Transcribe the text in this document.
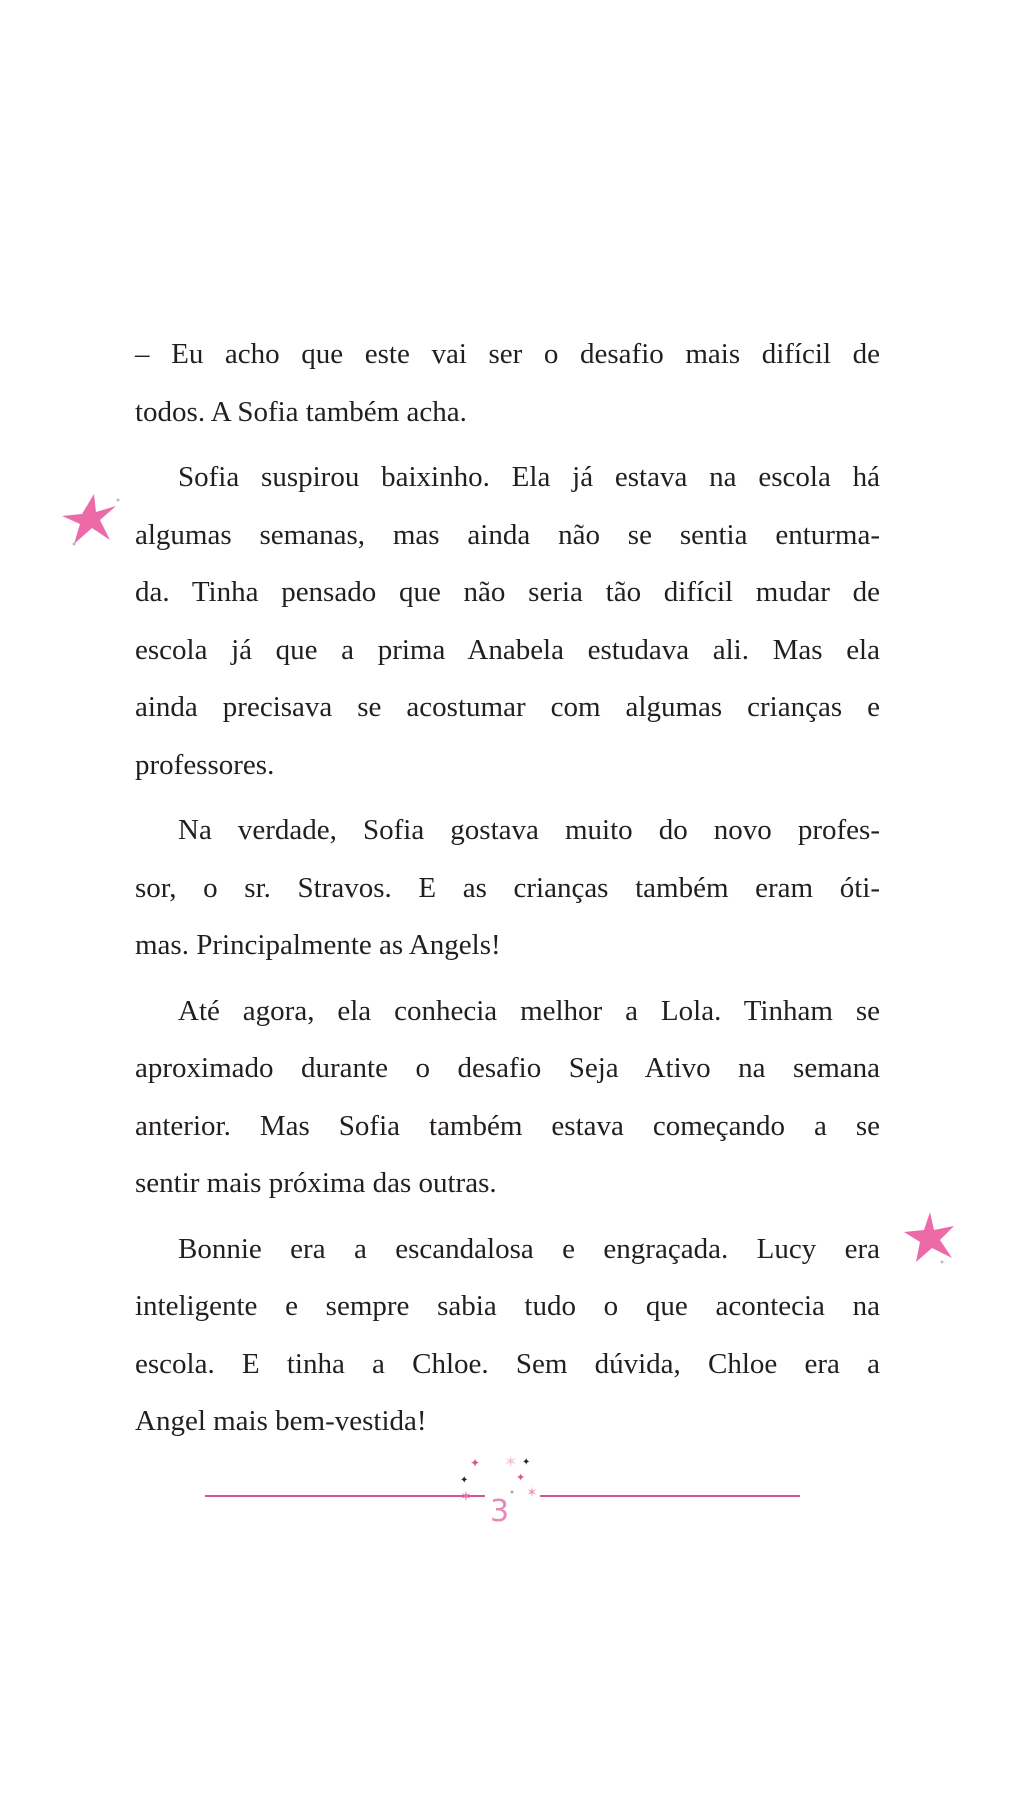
– Eu acho que este vai ser o desafio mais difícil de
todos. A Sofia também acha.
Sofia suspirou baixinho. Ela já estava na escola há
algumas semanas, mas ainda não se sentia enturma-
da. Tinha pensado que não seria tão difícil mudar de
escola já que a prima Anabela estudava ali. Mas ela
ainda precisava se acostumar com algumas crianças e
professores.
Na verdade, Sofia gostava muito do novo profes-
sor, o sr. Stravos. E as crianças também eram óti-
mas. Principalmente as Angels!
Até agora, ela conhecia melhor a Lola. Tinham se
aproximado durante o desafio Seja Ativo na semana
anterior. Mas Sofia também estava começando a se
sentir mais próxima das outras.
Bonnie era a escandalosa e engraçada. Lucy era
inteligente e sempre sabia tudo o que acontecia na
escola. E tinha a Chloe. Sem dúvida, Chloe era a
Angel mais bem-vestida!
✦ ✶ ✦
✦	✦
✶	✶
3
